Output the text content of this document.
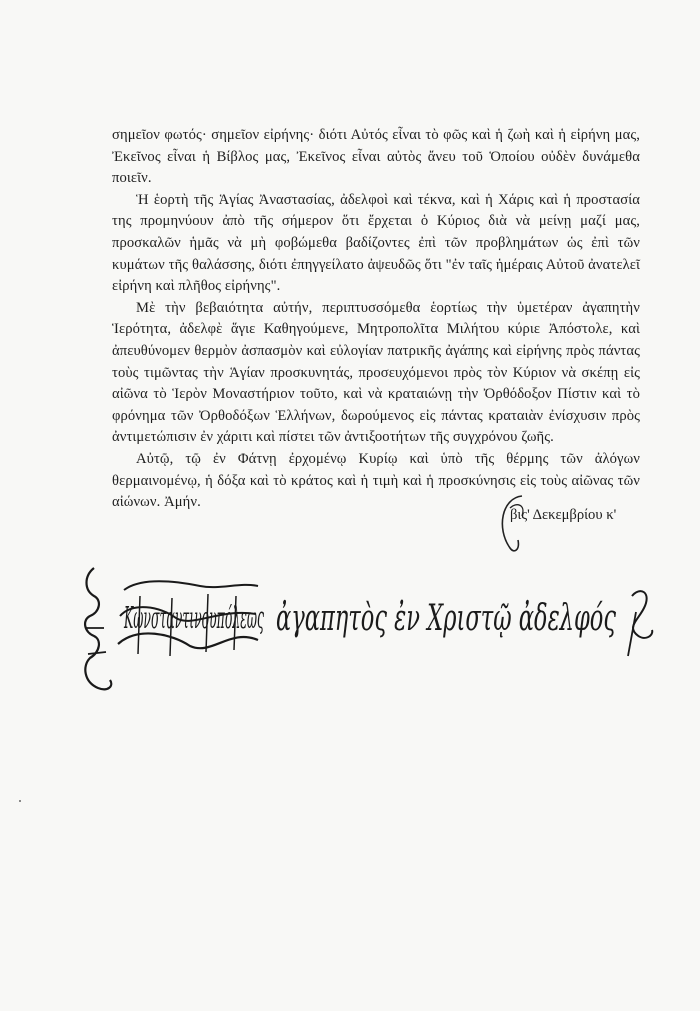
σημεῖον φωτός· σημεῖον εἰρήνης· διότι Αὐτός εἶναι τὸ φῶς καὶ ἡ ζωὴ καὶ ἡ εἰρήνη μας, Ἐκεῖνος εἶναι ἡ Βίβλος μας, Ἐκεῖνος εἶναι αὐτὸς ἄνευ τοῦ Ὁποίου οὐδὲν δυνάμεθα ποιεῖν.

Ἡ ἑορτὴ τῆς Ἁγίας Ἀναστασίας, ἀδελφοὶ καὶ τέκνα, καὶ ἡ Χάρις καὶ ἡ προστασία της προμηνύουν ἀπὸ τῆς σήμερον ὅτι ἔρχεται ὁ Κύριος διὰ νὰ μείνῃ μαζί μας, προσκαλῶν ἡμᾶς νὰ μὴ φοβώμεθα βαδίζοντες ἐπὶ τῶν προβλημάτων ὡς ἐπὶ τῶν κυμάτων τῆς θαλάσσης, διότι ἐπηγγείλατο ἀψευδῶς ὅτι "ἐν ταῖς ἡμέραις Αὐτοῦ ἀνατελεῖ εἰρήνη καὶ πλῆθος εἰρήνης".

Μὲ τὴν βεβαιότητα αὐτήν, περιπτυσσόμεθα ἑορτίως τὴν ὑμετέραν ἀγαπητὴν Ἱερότητα, ἀδελφὲ ἅγιε Καθηγούμενε, Μητροπολῖτα Μιλήτου κύριε Ἀπόστολε, καὶ ἀπευθύνομεν θερμὸν ἀσπασμὸν καὶ εὐλογίαν πατρικῆς ἀγάπης καὶ εἰρήνης πρὸς πάντας τοὺς τιμῶντας τὴν Ἁγίαν προσκυνητάς, προσευχόμενοι πρὸς τὸν Κύριον νὰ σκέπῃ εἰς αἰῶνα τὸ Ἱερὸν Μοναστήριον τοῦτο, καὶ νὰ κραταιώνῃ τὴν Ὀρθόδοξον Πίστιν καὶ τὸ φρόνημα τῶν Ὀρθοδόξων Ἑλλήνων, δωρούμενος εἰς πάντας κραταιὰν ἐνίσχυσιν πρὸς ἀντιμετώπισιν ἐν χάριτι καὶ πίστει τῶν ἀντιξοοτήτων τῆς συγχρόνου ζωῆς.

Αὐτῷ, τῷ ἐν Φάτνῃ ἐρχομένῳ Κυρίῳ καὶ ὑπὸ τῆς θέρμης τῶν ἀλόγων θερμαινομένῳ, ἡ δόξα καὶ τὸ κράτος καὶ ἡ τιμὴ καὶ ἡ προσκύνησις εἰς τοὺς αἰῶνας τῶν αἰώνων. Ἀμήν.

βις' Δεκεμβρίου κ'
Κωνσταντινουπόλεως ἀγαπητὸς ἐν Χριστῷ ἀδελφός
